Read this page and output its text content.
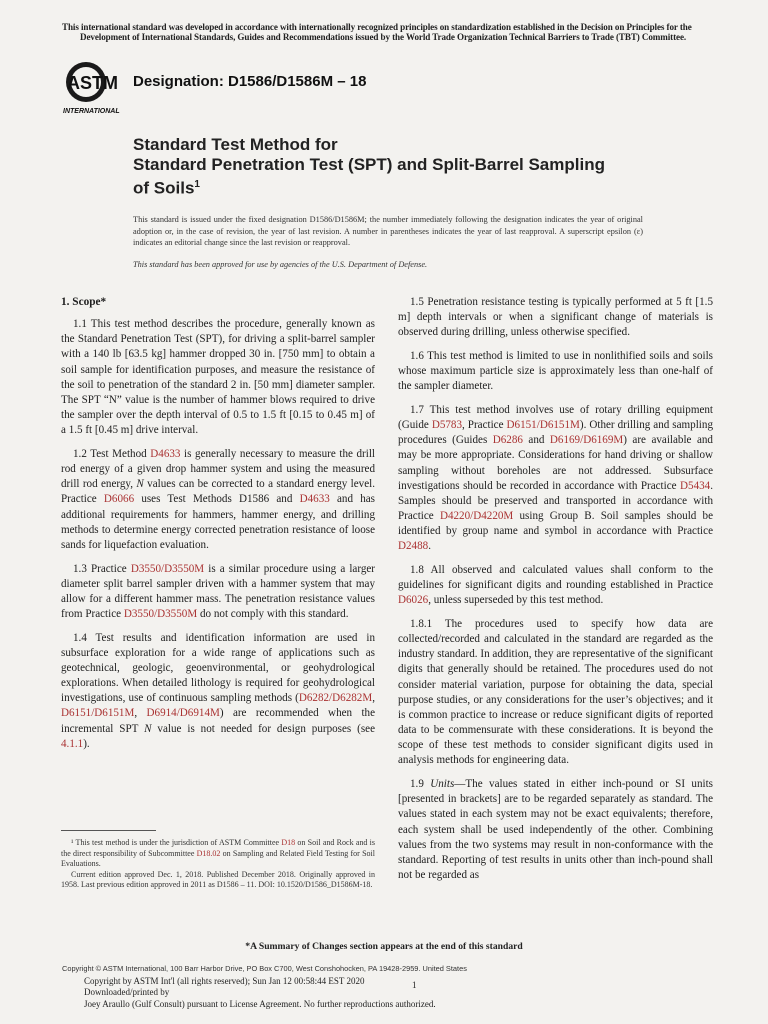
This international standard was developed in accordance with internationally recognized principles on standardization established in the Decision on Principles for the
Development of International Standards, Guides and Recommendations issued by the World Trade Organization Technical Barriers to Trade (TBT) Committee.
ASTM
INTERNATIONAL
Designation: D1586/D1586M – 18
Standard Test Method for
Standard Penetration Test (SPT) and Split-Barrel Sampling
of Soils$^1$
This standard is issued under the fixed designation D1586/D1586M; the number immediately following the designation indicates the year of original adoption or, in the case of revision, the year of last revision. A number in parentheses indicates the year of last reapproval. A superscript epsilon (ε) indicates an editorial change since the last revision or reapproval.
This standard has been approved for use by agencies of the U.S. Department of Defense.
1. Scope*

1.1 This test method describes the procedure, generally known as the Standard Penetration Test (SPT), for driving a split-barrel sampler with a 140 lb [63.5 kg] hammer dropped 30 in. [750 mm] to obtain a soil sample for identification purposes, and measure the resistance of the soil to penetration of the standard 2 in. [50 mm] diameter sampler. The SPT “N” value is the number of hammer blows required to drive the sampler over the depth interval of 0.5 to 1.5 ft [0.15 to 0.45 m] of a 1.5 ft [0.45 m] drive interval.

1.2 Test Method D4633 is generally necessary to measure the drill rod energy of a given drop hammer system and using the measured drill rod energy, N values can be corrected to a standard energy level. Practice D6066 uses Test Methods D1586 and D4633 and has additional requirements for hammers, hammer energy, and drilling methods to determine energy corrected penetration resistance of loose sands for liquefaction evaluation.

1.3 Practice D3550/D3550M is a similar procedure using a larger diameter split barrel sampler driven with a hammer system that may allow for a different hammer mass. The penetration resistance values from Practice D3550/D3550M do not comply with this standard.

1.4 Test results and identification information are used in subsurface exploration for a wide range of applications such as geotechnical, geologic, geoenvironmental, or geohydrological explorations. When detailed lithology is required for geohydrological investigations, use of continuous sampling methods (D6282/D6282M, D6151/D6151M, D6914/D6914M) are recommended when the incremental SPT N value is not needed for design purposes (see 4.1.1).

¹ This test method is under the jurisdiction of ASTM Committee D18 on Soil and Rock and is the direct responsibility of Subcommittee D18.02 on Sampling and Related Field Testing for Soil Evaluations.

Current edition approved Dec. 1, 2018. Published December 2018. Originally approved in 1958. Last previous edition approved in 2011 as D1586 – 11. DOI: 10.1520/D1586_D1586M-18.

1.5 Penetration resistance testing is typically performed at 5 ft [1.5 m] depth intervals or when a significant change of materials is observed during drilling, unless otherwise specified.

1.6 This test method is limited to use in nonlithified soils and soils whose maximum particle size is approximately less than one-half of the sampler diameter.

1.7 This test method involves use of rotary drilling equipment (Guide D5783, Practice D6151/D6151M). Other drilling and sampling procedures (Guides D6286 and D6169/D6169M) are available and may be more appropriate. Considerations for hand driving or shallow sampling without boreholes are not addressed. Subsurface investigations should be recorded in accordance with Practice D5434. Samples should be preserved and transported in accordance with Practice D4220/D4220M using Group B. Soil samples should be identified by group name and symbol in accordance with Practice D2488.

1.8 All observed and calculated values shall conform to the guidelines for significant digits and rounding established in Practice D6026, unless superseded by this test method.

1.8.1 The procedures used to specify how data are collected/recorded and calculated in the standard are regarded as the industry standard. In addition, they are representative of the significant digits that generally should be retained. The procedures used do not consider material variation, purpose for obtaining the data, special purpose studies, or any considerations for the user’s objectives; and it is common practice to increase or reduce significant digits of reported data to be commensurate with these considerations. It is beyond the scope of these test methods to consider significant digits used in analysis methods for engineering data.

1.9 Units—The values stated in either inch-pound or SI units [presented in brackets] are to be regarded separately as standard. The values stated in each system may not be exact equivalents; therefore, each system shall be used independently of the other. Combining values from the two systems may result in non-conformance with the standard. Reporting of test results in units other than inch-pound shall not be regarded as

*A Summary of Changes section appears at the end of this standard
Copyright © ASTM International, 100 Barr Harbor Drive, PO Box C700, West Conshohocken, PA 19428-2959. United States
Copyright by ASTM Int'l (all rights reserved); Sun Jan 12 00:58:44 EST 2020	1
Downloaded/printed by
Joey Araullo (Gulf Consult) pursuant to License Agreement. No further reproductions authorized.
